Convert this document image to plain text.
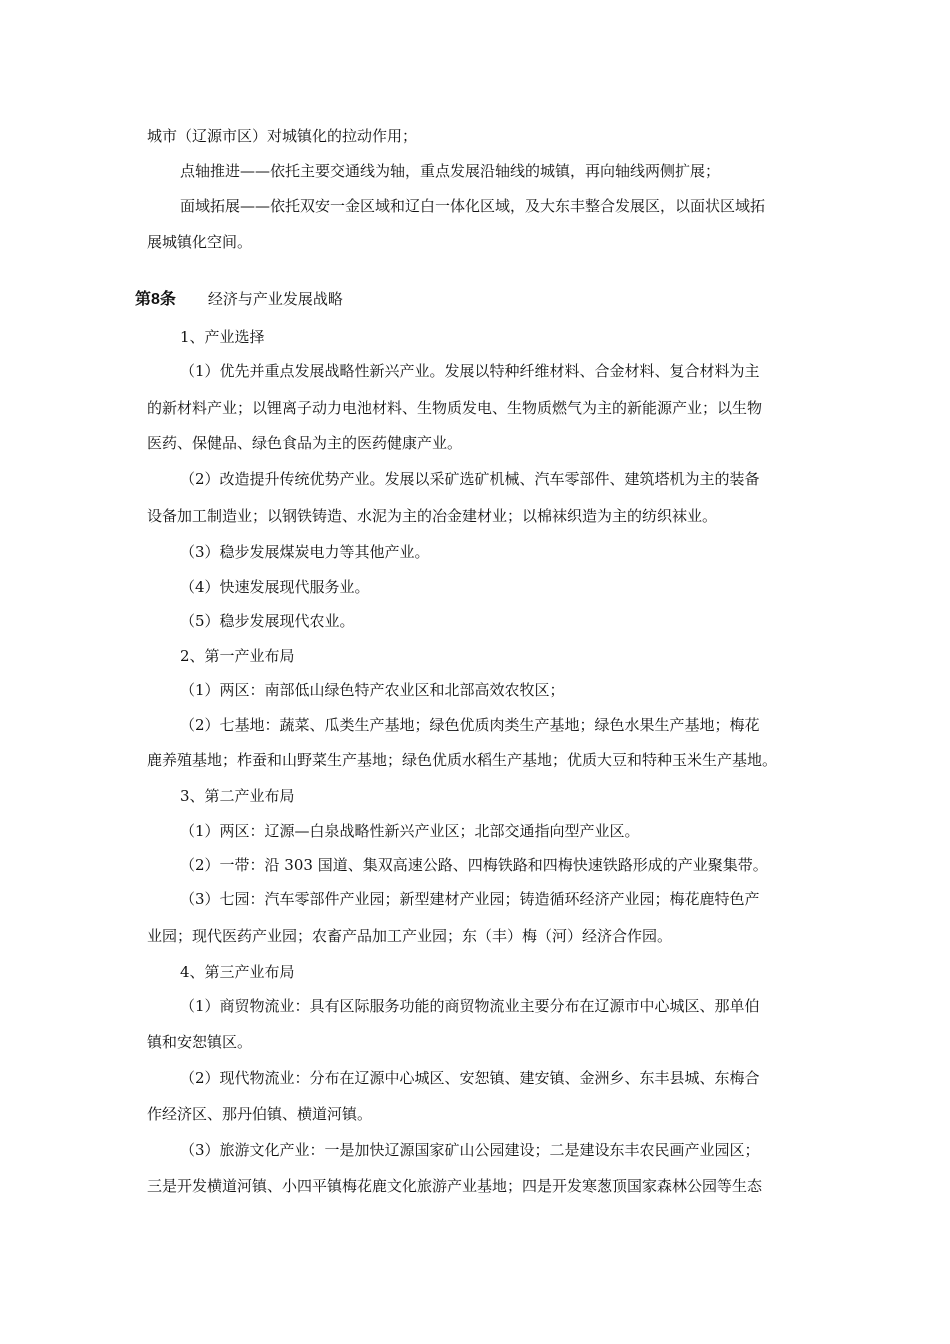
城市（辽源市区）对城镇化的拉动作用；
点轴推进——依托主要交通线为轴，重点发展沿轴线的城镇，再向轴线两侧扩展；
面域拓展——依托双安一金区域和辽白一体化区域，及大东丰整合发展区，以面状区域拓
展城镇化空间。
第8条 经济与产业发展战略
1、产业选择
（1）优先并重点发展战略性新兴产业。发展以特种纤维材料、合金材料、复合材料为主
的新材料产业；以锂离子动力电池材料、生物质发电、生物质燃气为主的新能源产业；以生物
医药、保健品、绿色食品为主的医药健康产业。
（2）改造提升传统优势产业。发展以采矿选矿机械、汽车零部件、建筑塔机为主的装备
设备加工制造业；以钢铁铸造、水泥为主的冶金建材业；以棉袜织造为主的纺织袜业。
（3）稳步发展煤炭电力等其他产业。
（4）快速发展现代服务业。
（5）稳步发展现代农业。
2、第一产业布局
（1）两区：南部低山绿色特产农业区和北部高效农牧区；
（2）七基地：蔬菜、瓜类生产基地；绿色优质肉类生产基地；绿色水果生产基地；梅花
鹿养殖基地；柞蚕和山野菜生产基地；绿色优质水稻生产基地；优质大豆和特种玉米生产基地。
3、第二产业布局
（1）两区：辽源—白泉战略性新兴产业区；北部交通指向型产业区。
（2）一带：沿 303 国道、集双高速公路、四梅铁路和四梅快速铁路形成的产业聚集带。
（3）七园：汽车零部件产业园；新型建材产业园；铸造循环经济产业园；梅花鹿特色产
业园；现代医药产业园；农畜产品加工产业园；东（丰）梅（河）经济合作园。
4、第三产业布局
（1）商贸物流业：具有区际服务功能的商贸物流业主要分布在辽源市中心城区、那单伯
镇和安恕镇区。
（2）现代物流业：分布在辽源中心城区、安恕镇、建安镇、金洲乡、东丰县城、东梅合
作经济区、那丹伯镇、横道河镇。
（3）旅游文化产业：一是加快辽源国家矿山公园建设；二是建设东丰农民画产业园区；
三是开发横道河镇、小四平镇梅花鹿文化旅游产业基地；四是开发寒葱顶国家森林公园等生态
